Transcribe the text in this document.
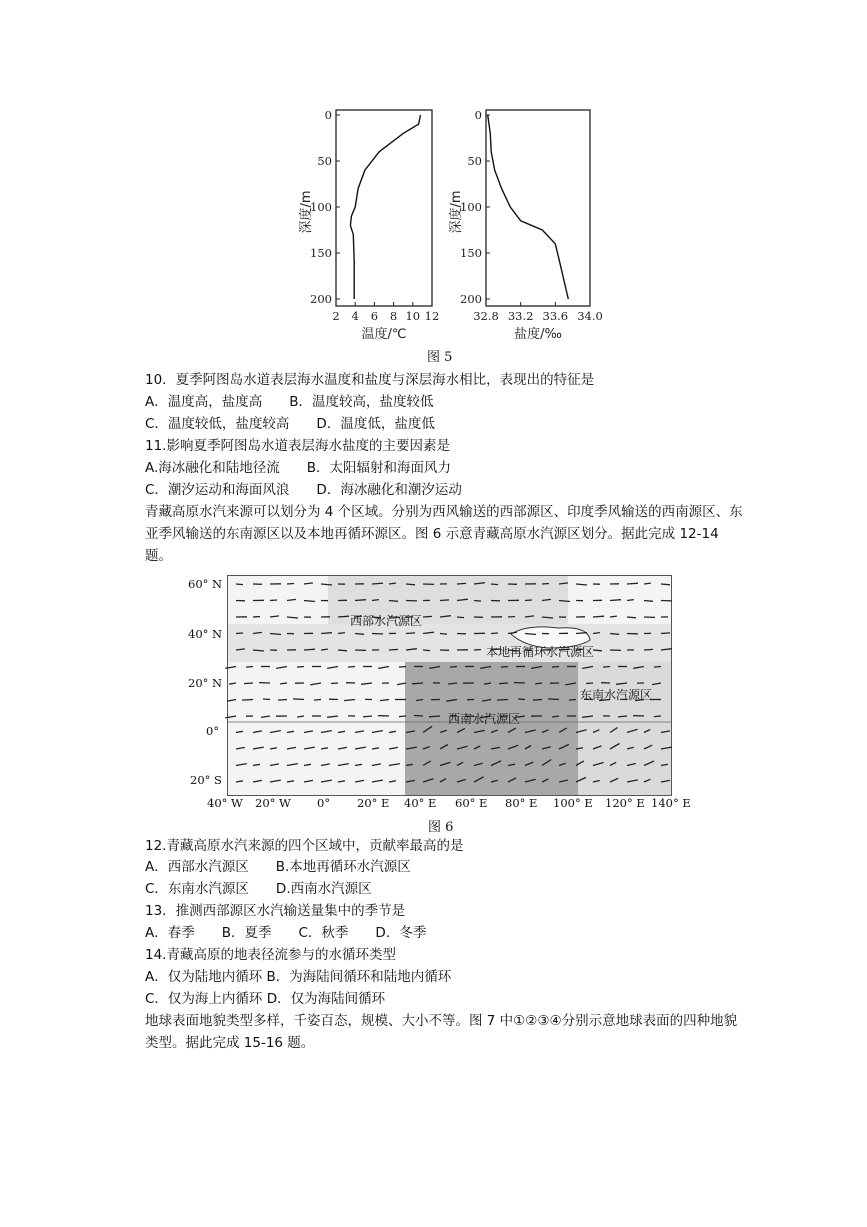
0
50
100
150
200
2 4 6 8 10 12
温度/℃
深度/m
0
50
100
150
200
32.8 33.2 33.6 34.0
盐度/‰
深度/m
图 5
10．夏季阿图岛水道表层海水温度和盐度与深层海水相比，表现出的特征是
A．温度高，盐度高　　B．温度较高，盐度较低
C．温度较低，盐度较高　　D．温度低，盐度低
11.影响夏季阿图岛水道表层海水盐度的主要因素是
A.海冰融化和陆地径流　　B．太阳辐射和海面风力
C．潮汐运动和海面风浪　　D．海冰融化和潮汐运动
青藏高原水汽来源可以划分为 4 个区域。分别为西风输送的西部源区、印度季风输送的西南源区、东亚季风输送的东南源区以及本地再循环源区。图 6 示意青藏高原水汽源区划分。据此完成 12-14 题。
西部水汽源区
本地再循环水汽源区
东南水汽源区
西南水汽源区
60° N
40° N
20° N
0°
20° S
40° W 20° W 0° 20° E 40° E 60° E 80° E 100° E 120° E 140° E
图 6
12.青藏高原水汽来源的四个区域中，贡献率最高的是
A．西部水汽源区　　B.本地再循环水汽源区
C．东南水汽源区　　D.西南水汽源区
13．推测西部源区水汽输送量集中的季节是
A．春季　　B．夏季　　C．秋季　　D．冬季
14.青藏高原的地表径流参与的水循环类型
A．仅为陆地内循环 B．为海陆间循环和陆地内循环
C．仅为海上内循环 D．仅为海陆间循环
地球表面地貌类型多样，千姿百态，规模、大小不等。图 7 中①②③④分别示意地球表面的四种地貌类型。据此完成 15-16 题。
